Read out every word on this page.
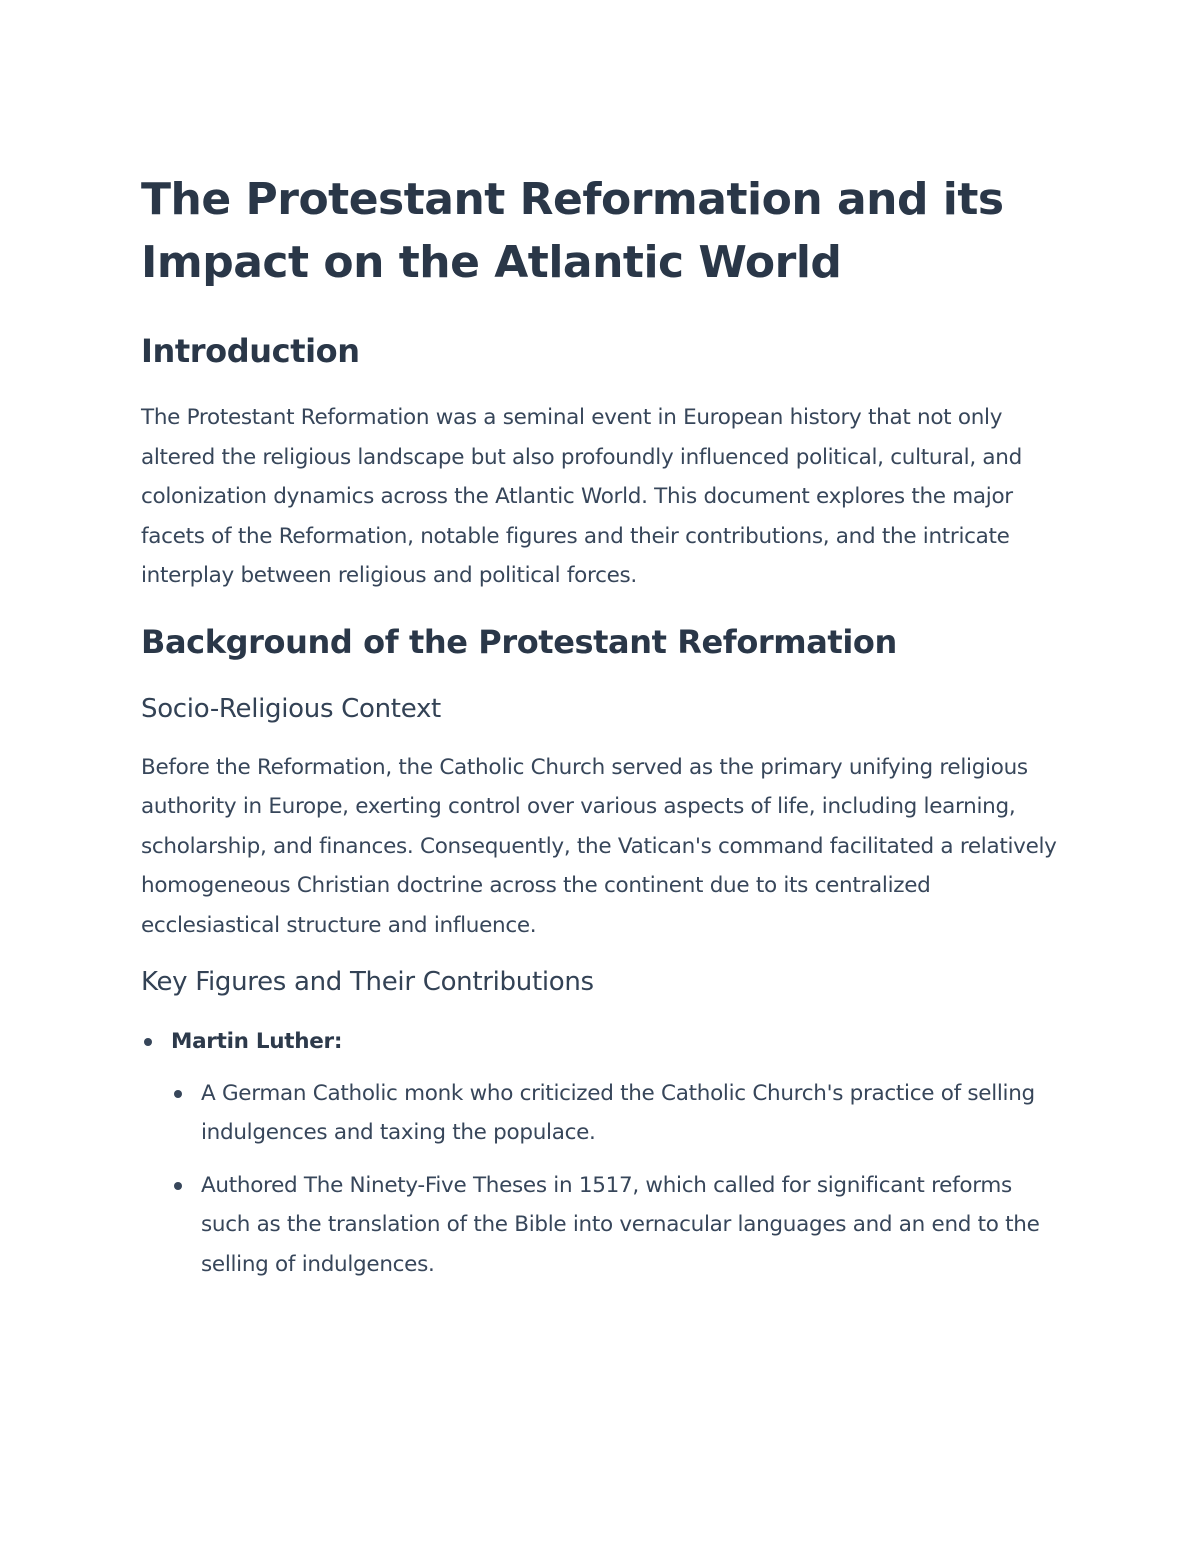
The Protestant Reformation and its Impact on the Atlantic World
Introduction

The Protestant Reformation was a seminal event in European history that not only altered the religious landscape but also profoundly influenced political, cultural, and colonization dynamics across the Atlantic World. This document explores the major facets of the Reformation, notable figures and their contributions, and the intricate interplay between religious and political forces.

Background of the Protestant Reformation
Socio-Religious Context

Before the Reformation, the Catholic Church served as the primary unifying religious authority in Europe, exerting control over various aspects of life, including learning, scholarship, and finances. Consequently, the Vatican's command facilitated a relatively homogeneous Christian doctrine across the continent due to its centralized ecclesiastical structure and influence.

Key Figures and Their Contributions
Martin Luther:
A German Catholic monk who criticized the Catholic Church's practice of selling indulgences and taxing the populace.
Authored The Ninety-Five Theses in 1517, which called for significant reforms such as the translation of the Bible into vernacular languages and an end to the selling of indulgences.
